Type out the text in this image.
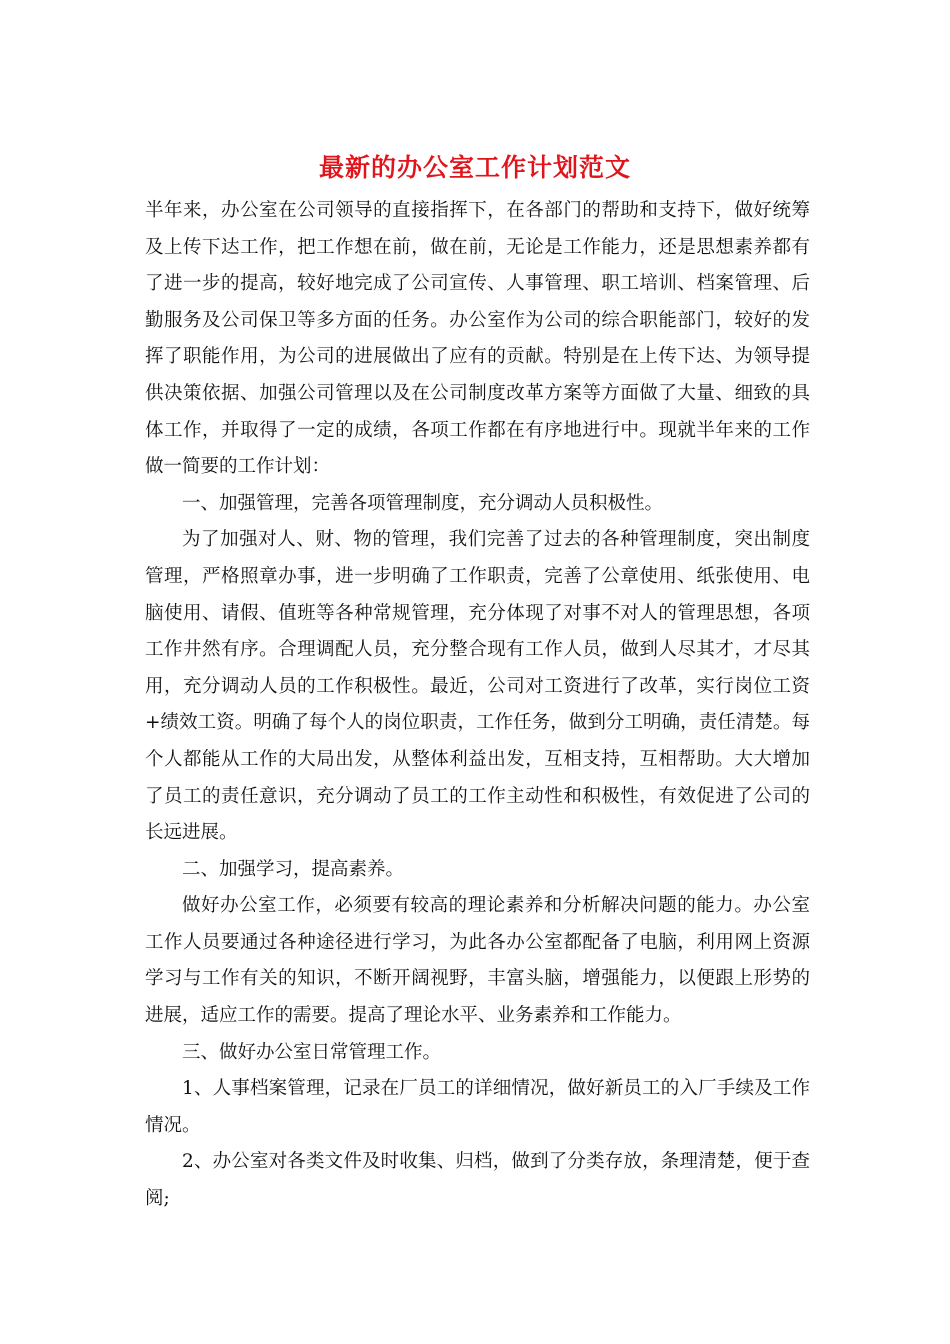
最新的办公室工作计划范文

半年来，办公室在公司领导的直接指挥下，在各部门的帮助和支持下，做好统筹及上传下达工作，把工作想在前，做在前，无论是工作能力，还是思想素养都有了进一步的提高，较好地完成了公司宣传、人事管理、职工培训、档案管理、后勤服务及公司保卫等多方面的任务。办公室作为公司的综合职能部门，较好的发挥了职能作用，为公司的进展做出了应有的贡献。特别是在上传下达、为领导提供决策依据、加强公司管理以及在公司制度改革方案等方面做了大量、细致的具体工作，并取得了一定的成绩，各项工作都在有序地进行中。现就半年来的工作做一简要的工作计划：

一、加强管理，完善各项管理制度，充分调动人员积极性。

为了加强对人、财、物的管理，我们完善了过去的各种管理制度，突出制度管理，严格照章办事，进一步明确了工作职责，完善了公章使用、纸张使用、电脑使用、请假、值班等各种常规管理，充分体现了对事不对人的管理思想，各项工作井然有序。合理调配人员，充分整合现有工作人员，做到人尽其才，才尽其用，充分调动人员的工作积极性。最近，公司对工资进行了改革，实行岗位工资+绩效工资。明确了每个人的岗位职责，工作任务，做到分工明确，责任清楚。每个人都能从工作的大局出发，从整体利益出发，互相支持，互相帮助。大大增加了员工的责任意识，充分调动了员工的工作主动性和积极性，有效促进了公司的长远进展。

二、加强学习，提高素养。

做好办公室工作，必须要有较高的理论素养和分析解决问题的能力。办公室工作人员要通过各种途径进行学习，为此各办公室都配备了电脑，利用网上资源学习与工作有关的知识，不断开阔视野，丰富头脑，增强能力，以便跟上形势的进展，适应工作的需要。提高了理论水平、业务素养和工作能力。

三、做好办公室日常管理工作。

1、人事档案管理，记录在厂员工的详细情况，做好新员工的入厂手续及工作情况。

2、办公室对各类文件及时收集、归档，做到了分类存放，条理清楚，便于查阅;
